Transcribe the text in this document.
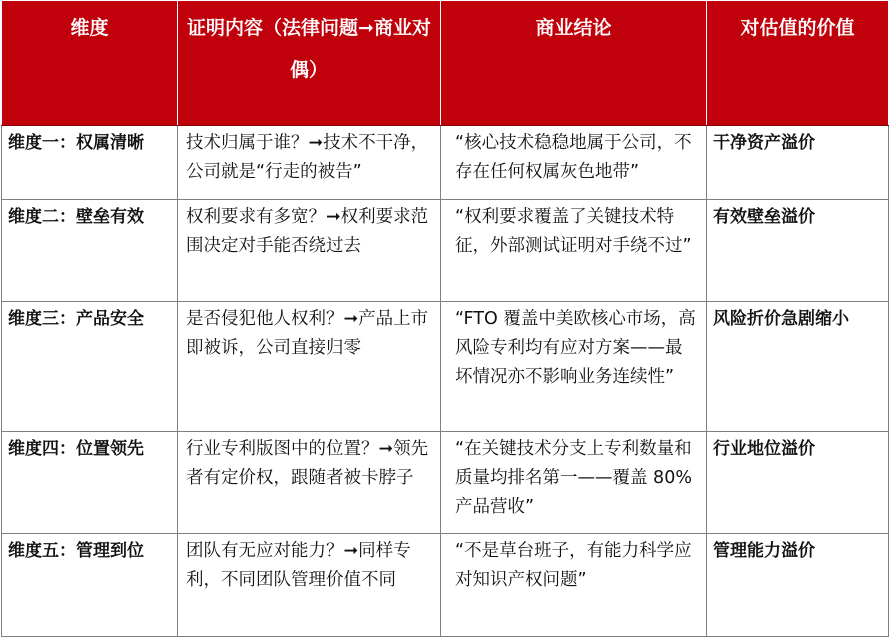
维度	证明内容（法律问题➞商业对偶）	商业结论	对估值的价值
维度一：权属清晰	技术归属于谁？➞技术不干净，公司就是“行走的被告”	“核心技术稳稳地属于公司，不存在任何权属灰色地带”	干净资产溢价
维度二：壁垒有效	权利要求有多宽？➞权利要求范围决定对手能否绕过去	“权利要求覆盖了关键技术特征，外部测试证明对手绕不过”	有效壁垒溢价
维度三：产品安全	是否侵犯他人权利？➞产品上市即被诉，公司直接归零	“FTO 覆盖中美欧核心市场，高风险专利均有应对方案——最坏情况亦不影响业务连续性”	风险折价急剧缩小
维度四：位置领先	行业专利版图中的位置？➞领先者有定价权，跟随者被卡脖子	“在关键技术分支上专利数量和质量均排名第一——覆盖 80%产品营收”	行业地位溢价
维度五：管理到位	团队有无应对能力？➞同样专利，不同团队管理价值不同	“不是草台班子，有能力科学应对知识产权问题”	管理能力溢价
